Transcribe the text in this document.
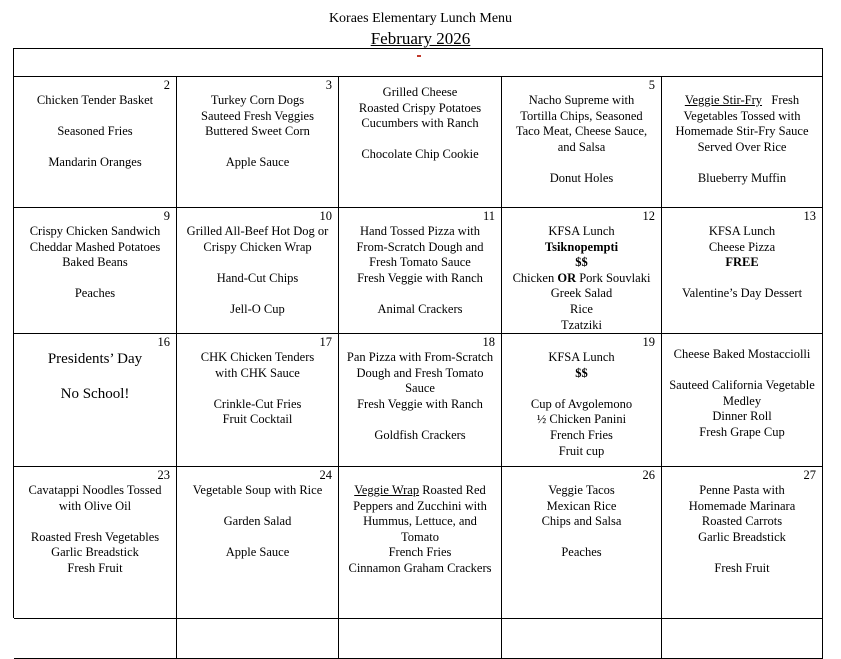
Koraes Elementary Lunch Menu
February 2026
2
Chicken Tender Basket
Seasoned Fries
Mandarin Oranges
3
Turkey Corn Dogs
Sauteed Fresh Veggies
Buttered Sweet Corn
Apple Sauce
Grilled Cheese
Roasted Crispy Potatoes
Cucumbers with Ranch
Chocolate Chip Cookie
5
Nacho Supreme with
Tortilla Chips, Seasoned
Taco Meat, Cheese Sauce,
and Salsa
Donut Holes
Veggie Stir-Fry   Fresh
Vegetables Tossed with
Homemade Stir-Fry Sauce
Served Over Rice
Blueberry Muffin
9
Crispy Chicken Sandwich
Cheddar Mashed Potatoes
Baked Beans
Peaches
10
Grilled All-Beef Hot Dog or
Crispy Chicken Wrap
Hand-Cut Chips
Jell-O Cup
11
Hand Tossed Pizza with
From-Scratch Dough and
Fresh Tomato Sauce
Fresh Veggie with Ranch
Animal Crackers
12
KFSA Lunch
Tsiknopempti
$$
Chicken OR Pork Souvlaki
Greek Salad
Rice
Tzatziki
13
KFSA Lunch
Cheese Pizza
FREE
Valentine’s Day Dessert
16
Presidents’ Day
No School!
17
CHK Chicken Tenders
with CHK Sauce
Crinkle-Cut Fries
Fruit Cocktail
18
Pan Pizza with From-Scratch
Dough and Fresh Tomato
Sauce
Fresh Veggie with Ranch
Goldfish Crackers
19
KFSA Lunch
$$
Cup of Avgolemono
½ Chicken Panini
French Fries
Fruit cup
Cheese Baked Mostacciolli
Sauteed California Vegetable
Medley
Dinner Roll
Fresh Grape Cup
23
Cavatappi Noodles Tossed
with Olive Oil
Roasted Fresh Vegetables
Garlic Breadstick
Fresh Fruit
24
Vegetable Soup with Rice
Garden Salad
Apple Sauce
Veggie Wrap Roasted Red
Peppers and Zucchini with
Hummus, Lettuce, and
Tomato
French Fries
Cinnamon Graham Crackers
26
Veggie Tacos
Mexican Rice
Chips and Salsa
Peaches
27
Penne Pasta with
Homemade Marinara
Roasted Carrots
Garlic Breadstick
Fresh Fruit
